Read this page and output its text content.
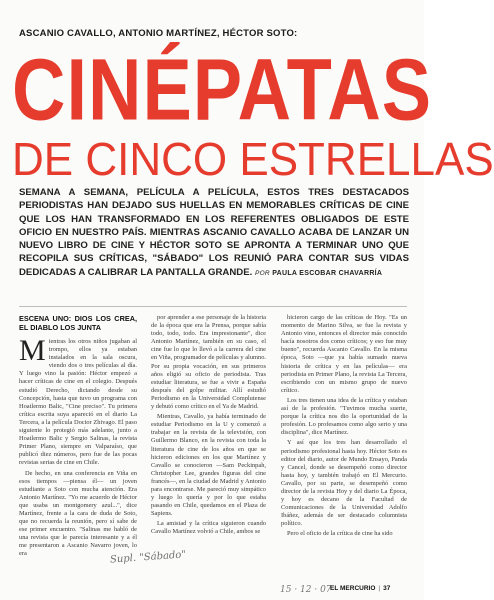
ASCANIO CAVALLO, ANTONIO MARTÍNEZ, HÉCTOR SOTO:
CINÉPATAS
DE CINCO ESTRELLAS
SEMANA A SEMANA, PELÍCULA A PELÍCULA, ESTOS TRES DESTACADOS PERIODISTAS HAN DEJADO SUS HUELLAS EN MEMORABLES CRÍTICAS DE CINE QUE LOS HAN TRANSFORMADO EN LOS REFERENTES OBLIGADOS DE ESTE OFICIO EN NUESTRO PAÍS. MIENTRAS ASCANIO CAVALLO ACABA DE LANZAR UN NUEVO LIBRO DE CINE Y HÉCTOR SOTO SE APRONTA A TERMINAR UNO QUE RECOPILA SUS CRÍTICAS, "SÁBADO" LOS REUNIÓ PARA CONTAR SUS VIDAS DEDICADAS A CALIBRAR LA PANTALLA GRANDE. POR PAULA ESCOBAR CHAVARRÍA
ESCENA UNO: DIOS LOS CREA, EL DIABLO LOS JUNTA

Mientras los otros niños jugaban al trompo, ellos ya estaban instalados en la sala oscura, viendo dos o tres películas al día. Y luego vino la pasión: Héctor empezó a hacer críticas de cine en el colegio. Después estudió Derecho, dictando desde su Concepción, hasta que tuvo un programa con Hoatlermo Balic, "Cine preciso". Tu primera crítica escrita suya apareció en el diario La Tercera, a la película Doctor Zhivago. El paso siguiente lo protegió más adelante, junto a Hoatlermo Balic y Sergio Salinas, la revista Primer Plano, siempre en Valparaíso, que publicó diez números, pero fue de las pocas revistas serias de cine en Chile.

De hecho, en una conferencia en Viña en esos tiempos —piensa él— un joven estudiante a Soto con mucha atención. Era Antonio Martínez. "Yo me acuerdo de Héctor que usaba un montgomery azul...", dice Martínez, frente a la cara de duda de Soto, que no recuerda la reunión, pero sí sabe de ese primer encuentro. "Salinas me habló de una revista que le parecía interesante y a él me presentaron a Ascanio Navarro joven, lo era

por aprender a ese personaje de la historia de la época que era la Prensa, porque sabía todo, todo, todo. Era impresionante", dice Antonio Martínez, también en su caso, el cine fue lo que lo llevó a la carrera del cine en Viña, programador de películas y alumno. Por su propia vocación, en sus primeros años eligió su oficio de periodista. Tras estudiar literatura, se fue a vivir a España después del golpe militar. Allí estudió Periodismo en la Universidad Complutense y debutó como crítico en el Ya de Madrid.

Mientras, Cavallo, ya había terminado de estudiar Periodismo en la U y comenzó a trabajar en la revista de la televisión, con Guillermo Blanco, en la revista con toda la literatura de cine de los años en que se hicieron ediciones en los que Martínez y Cavallo se conocieron —Sam Peckinpah, Christopher Lee, grandes figuras del cine francés—, en la ciudad de Madrid y Antonio para encontrarse. Me pareció muy simpático y luego lo quería y por lo que estaba pasando en Chile, quedamos en el Plaza de Sapiens.

La amistad y la crítica siguieron cuando Cavallo Martínez volvió a Chile, ambos se

hicieron cargo de las críticas de Hoy. "Es un momento de Marino Silva, se fue la revista y Antonio vino, entonces el director más conocido hacía nosotros dos como críticos; y eso fue muy bueno", recuerda Ascanio Cavallo. En la misma época, Soto —que ya había sumado nueva historia de crítica y en las películas— era periodista en Primer Plano, la revista La Tercera, escribiendo con un mismo grupo de nuevo crítico.

Los tres tienen una idea de la crítica y estaban así de la profesión. "Tuvimos mucha suerte, porque la crítica nos dio la oportunidad de la profesión. Lo profesamos como algo serio y una disciplina", dice Martínez.

Y así que los tres han desarrollado el periodismo profesional hasta hoy. Héctor Soto es editor del diario, autor de Mundo Ensayo, Panda y Cancel, donde se desempeñó como director hasta hoy, y también trabajó en El Mercurio. Cavallo, por su parte, se desempeñó como director de la revista Hoy y del diario La Época, y hoy es decano de la Facultad de Comunicaciones de la Universidad Adolfo Ibáñez, además de ser destacado columnista político.

Pero el oficio de la crítica de cine ha sido

Supl. "Sábado"
15 · 12 · 07
EL MERCURIO | 37
